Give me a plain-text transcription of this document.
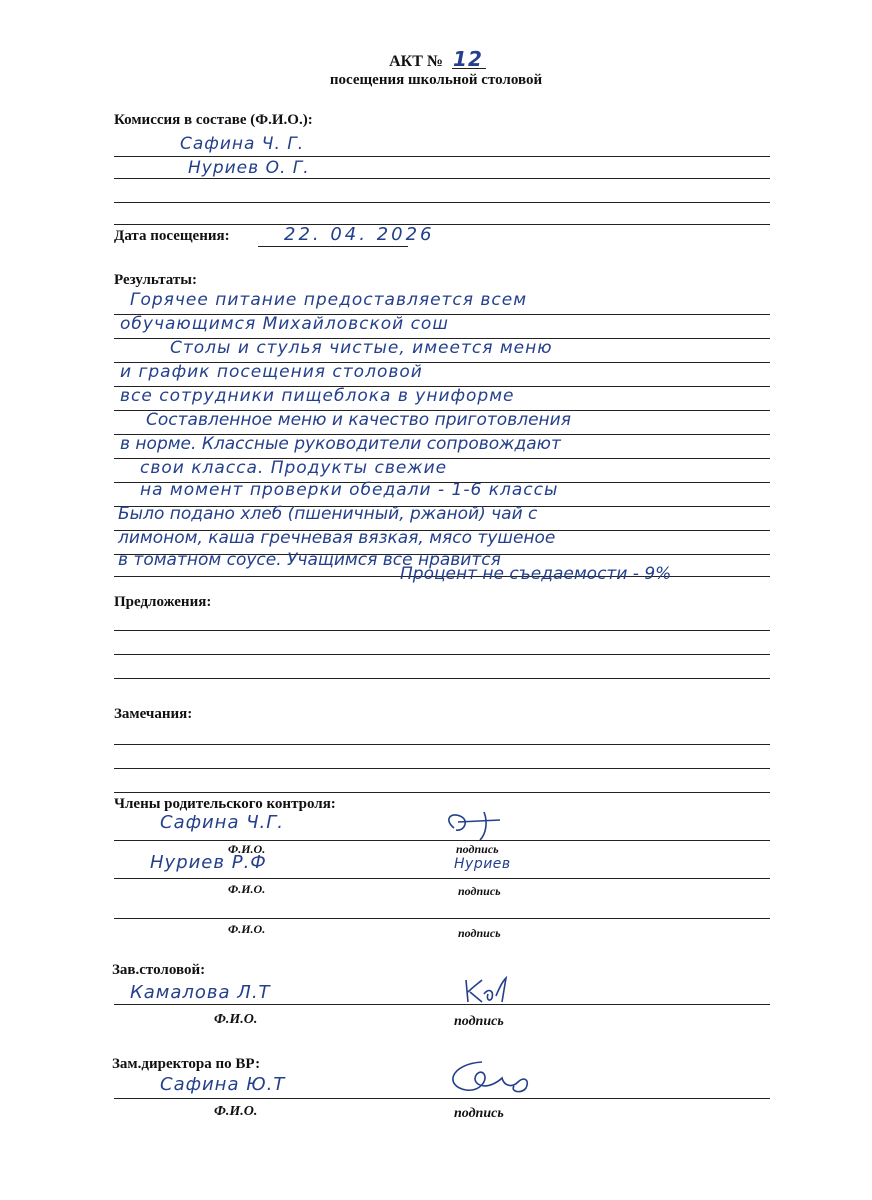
АКТ № 12
посещения школьной столовой
Комиссия в составе (Ф.И.О.):
Сафина Ч. Г.
Нуриев О. Г.
Дата посещения:	22. 04. 2026
Результаты:
Горячее питание предоставляется всем
обучающимся Михайловской сош
Столы и стулья чистые, имеется меню
и график посещения столовой
все сотрудники пищеблока в униформе
Составленное меню и качество приготовления
в норме. Классные руководители сопровождают
свои класса. Продукты свежие
на момент проверки обедали - 1-6 классы
Было подано хлеб (пшеничный, ржаной) чай с
лимоном, каша гречневая вязкая, мясо тушеное
в томатном соусе. Учащимся все нравится
Процент не съедаемости - 9%
Предложения:
Замечания:
Члены родительского контроля:
Сафина Ч.Г.
Ф.И.О.	подпись
Нуриев Р.Ф	Нуриев
Ф.И.О.	подпись
Ф.И.О.	подпись
Зав.столовой:
Камалова Л.Т
Ф.И.О.	подпись
Зам.директора по ВР:
Сафина Ю.Т
Ф.И.О.	подпись
